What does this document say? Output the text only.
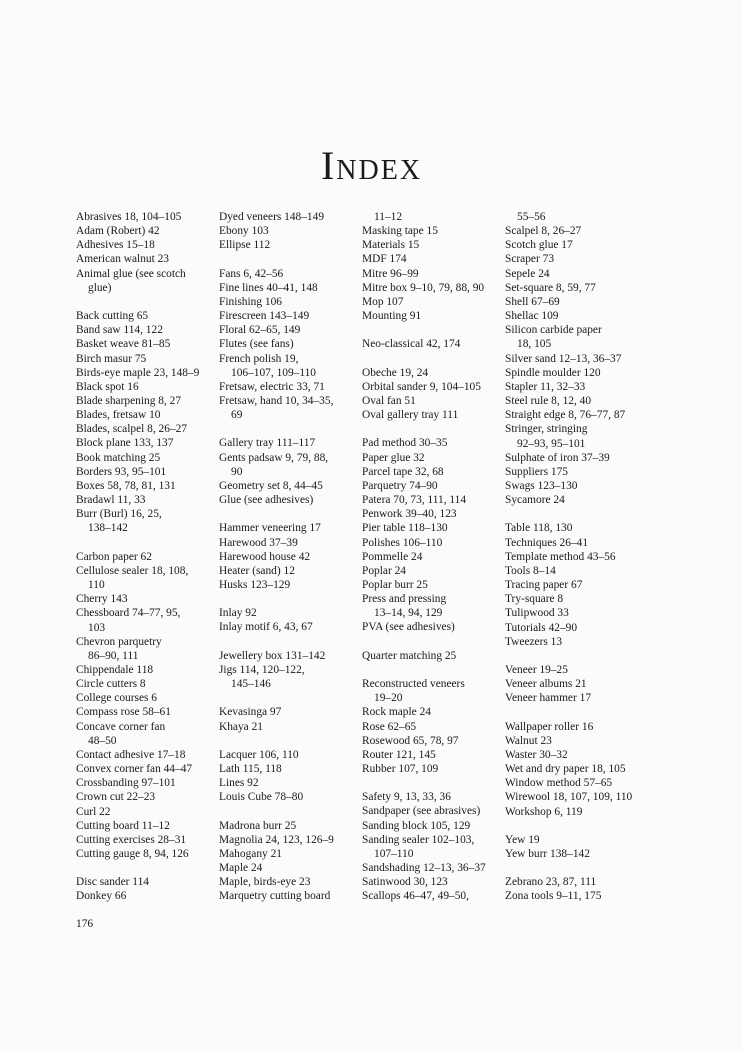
Index
Abrasives 18, 104–105
Adam (Robert) 42
Adhesives 15–18
American walnut 23
Animal glue (see scotch
glue)
Back cutting 65
Band saw 114, 122
Basket weave 81–85
Birch masur 75
Birds-eye maple 23, 148–9
Black spot 16
Blade sharpening 8, 27
Blades, fretsaw 10
Blades, scalpel 8, 26–27
Block plane 133, 137
Book matching 25
Borders 93, 95–101
Boxes 58, 78, 81, 131
Bradawl 11, 33
Burr (Burl) 16, 25,
138–142
Carbon paper 62
Cellulose sealer 18, 108,
110
Cherry 143
Chessboard 74–77, 95,
103
Chevron parquetry
86–90, 111
Chippendale 118
Circle cutters 8
College courses 6
Compass rose 58–61
Concave corner fan
48–50
Contact adhesive 17–18
Convex corner fan 44–47
Crossbanding 97–101
Crown cut 22–23
Curl 22
Cutting board 11–12
Cutting exercises 28–31
Cutting gauge 8, 94, 126
Disc sander 114
Donkey 66
Dyed veneers 148–149
Ebony 103
Ellipse 112
Fans 6, 42–56
Fine lines 40–41, 148
Finishing 106
Firescreen 143–149
Floral 62–65, 149
Flutes (see fans)
French polish 19,
106–107, 109–110
Fretsaw, electric 33, 71
Fretsaw, hand 10, 34–35,
69
Gallery tray 111–117
Gents padsaw 9, 79, 88,
90
Geometry set 8, 44–45
Glue (see adhesives)
Hammer veneering 17
Harewood 37–39
Harewood house 42
Heater (sand) 12
Husks 123–129
Inlay 92
Inlay motif 6, 43, 67
Jewellery box 131–142
Jigs 114, 120–122,
145–146
Kevasinga 97
Khaya 21
Lacquer 106, 110
Lath 115, 118
Lines 92
Louis Cube 78–80
Madrona burr 25
Magnolia 24, 123, 126–9
Mahogany 21
Maple 24
Maple, birds-eye 23
Marquetry cutting board
11–12
Masking tape 15
Materials 15
MDF 174
Mitre 96–99
Mitre box 9–10, 79, 88, 90
Mop 107
Mounting 91
Neo-classical 42, 174
Obeche 19, 24
Orbital sander 9, 104–105
Oval fan 51
Oval gallery tray 111
Pad method 30–35
Paper glue 32
Parcel tape 32, 68
Parquetry 74–90
Patera 70, 73, 111, 114
Penwork 39–40, 123
Pier table 118–130
Polishes 106–110
Pommelle 24
Poplar 24
Poplar burr 25
Press and pressing
13–14, 94, 129
PVA (see adhesives)
Quarter matching 25
Reconstructed veneers
19–20
Rock maple 24
Rose 62–65
Rosewood 65, 78, 97
Router 121, 145
Rubber 107, 109
Safety 9, 13, 33, 36
Sandpaper (see abrasives)
Sanding block 105, 129
Sanding sealer 102–103,
107–110
Sandshading 12–13, 36–37
Satinwood 30, 123
Scallops 46–47, 49–50,
55–56
Scalpel 8, 26–27
Scotch glue 17
Scraper 73
Sepele 24
Set-square 8, 59, 77
Shell 67–69
Shellac 109
Silicon carbide paper
18, 105
Silver sand 12–13, 36–37
Spindle moulder 120
Stapler 11, 32–33
Steel rule 8, 12, 40
Straight edge 8, 76–77, 87
Stringer, stringing
92–93, 95–101
Sulphate of iron 37–39
Suppliers 175
Swags 123–130
Sycamore 24
Table 118, 130
Techniques 26–41
Template method 43–56
Tools 8–14
Tracing paper 67
Try-square 8
Tulipwood 33
Tutorials 42–90
Tweezers 13
Veneer 19–25
Veneer albums 21
Veneer hammer 17
Wallpaper roller 16
Walnut 23
Waster 30–32
Wet and dry paper 18, 105
Window method 57–65
Wirewool 18, 107, 109, 110
Workshop 6, 119
Yew 19
Yew burr 138–142
Zebrano 23, 87, 111
Zona tools 9–11, 175
176
